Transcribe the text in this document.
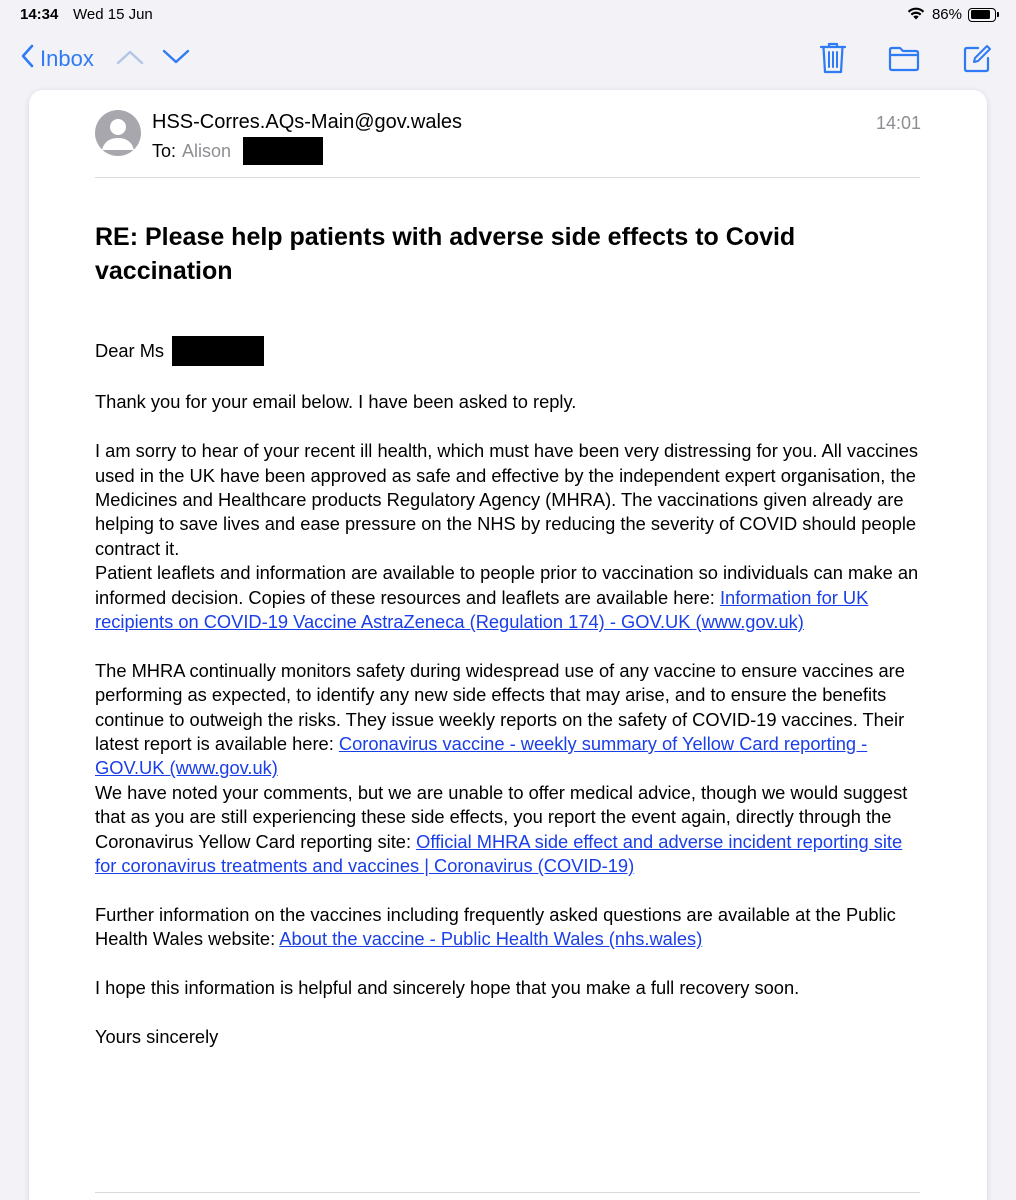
14:34 Wed 15 Jun	86%
Inbox
HSS-Corres.AQs-Main@gov.wales
To: Alison
14:01
RE: Please help patients with adverse side effects to Covid vaccination

Dear Ms

Thank you for your email below. I have been asked to reply.

I am sorry to hear of your recent ill health, which must have been very distressing for you. All vaccines used in the UK have been approved as safe and effective by the independent expert organisation, the Medicines and Healthcare products Regulatory Agency (MHRA). The vaccinations given already are helping to save lives and ease pressure on the NHS by reducing the severity of COVID should people contract it.

Patient leaflets and information are available to people prior to vaccination so individuals can make an informed decision. Copies of these resources and leaflets are available here: Information for UK recipients on COVID-19 Vaccine AstraZeneca (Regulation 174) - GOV.UK (www.gov.uk)

The MHRA continually monitors safety during widespread use of any vaccine to ensure vaccines are performing as expected, to identify any new side effects that may arise, and to ensure the benefits continue to outweigh the risks. They issue weekly reports on the safety of COVID-19 vaccines. Their latest report is available here: Coronavirus vaccine - weekly summary of Yellow Card reporting - GOV.UK (www.gov.uk)

We have noted your comments, but we are unable to offer medical advice, though we would suggest that as you are still experiencing these side effects, you report the event again, directly through the Coronavirus Yellow Card reporting site: Official MHRA side effect and adverse incident reporting site for coronavirus treatments and vaccines | Coronavirus (COVID-19)

Further information on the vaccines including frequently asked questions are available at the Public Health Wales website: About the vaccine - Public Health Wales (nhs.wales)

I hope this information is helpful and sincerely hope that you make a full recovery soon.

Yours sincerely
